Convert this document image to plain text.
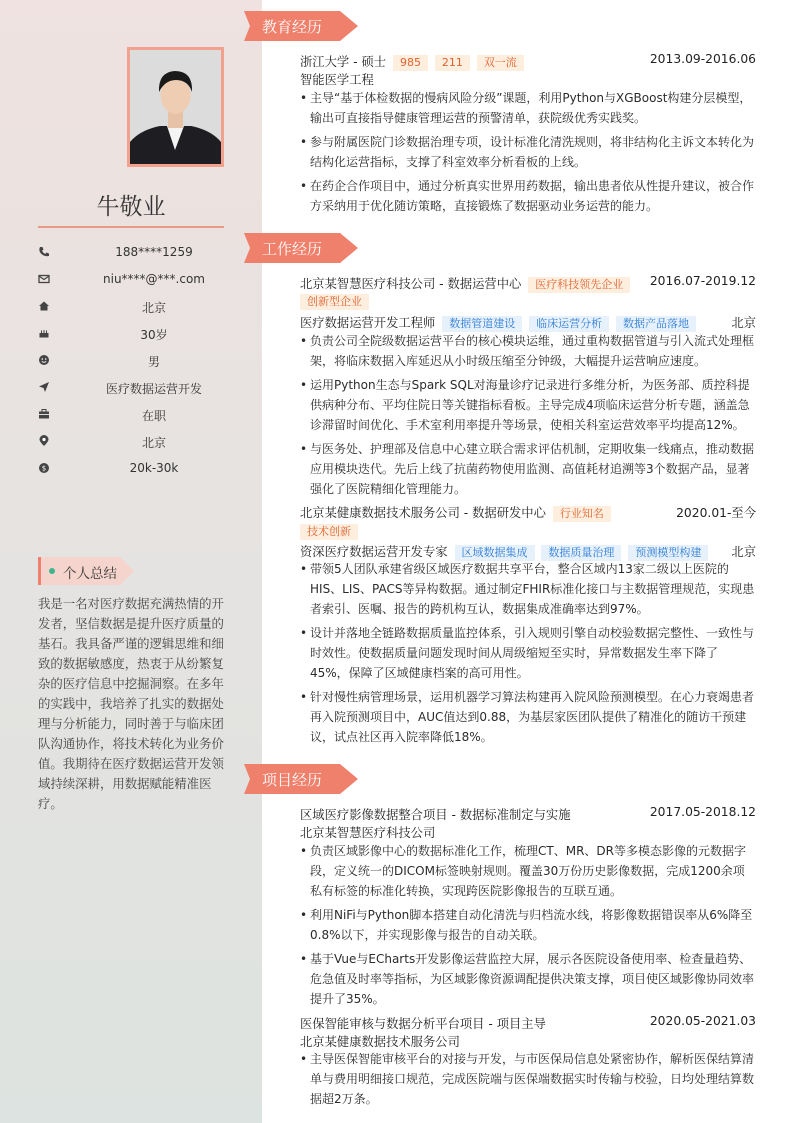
牛敬业
188****1259
niu****@***.com
北京
30岁
男
医疗数据运营开发
在职
北京
$	20k-30k
个人总结
我是一名对医疗数据充满热情的开发者，坚信数据是提升医疗质量的基石。我具备严谨的逻辑思维和细致的数据敏感度，热衷于从纷繁复杂的医疗信息中挖掘洞察。在多年的实践中，我培养了扎实的数据处理与分析能力，同时善于与临床团队沟通协作，将技术转化为业务价值。我期待在医疗数据运营开发领域持续深耕，用数据赋能精准医疗。
教育经历
工作经历
项目经历
浙江大学 - 硕士 985 211 双一流	2013.09-2016.06
智能医学工程
• 主导“基于体检数据的慢病风险分级”课题，利用Python与XGBoost构建分层模型，输出可直接指导健康管理运营的预警清单，获院级优秀实践奖。
• 参与附属医院门诊数据治理专项，设计标准化清洗规则，将非结构化主诉文本转化为结构化运营指标，支撑了科室效率分析看板的上线。
• 在药企合作项目中，通过分析真实世界用药数据，输出患者依从性提升建议，被合作方采纳用于优化随访策略，直接锻炼了数据驱动业务运营的能力。
北京某智慧医疗科技公司 - 数据运营中心 医疗科技领先企业 2016.07-2019.12
创新型企业
医疗数据运营开发工程师 数据管道建设 临床运营分析 数据产品落地	北京
• 负责公司全院级数据运营平台的核心模块运维，通过重构数据管道与引入流式处理框架，将临床数据入库延迟从小时级压缩至分钟级，大幅提升运营响应速度。
• 运用Python生态与Spark SQL对海量诊疗记录进行多维分析，为医务部、质控科提供病种分布、平均住院日等关键指标看板。主导完成4项临床运营分析专题，涵盖急诊滞留时间优化、手术室利用率提升等场景，使相关科室运营效率平均提高12%。
• 与医务处、护理部及信息中心建立联合需求评估机制，定期收集一线痛点，推动数据应用模块迭代。先后上线了抗菌药物使用监测、高值耗材追溯等3个数据产品，显著强化了医院精细化管理能力。
北京某健康数据技术服务公司 - 数据研发中心 行业知名	2020.01-至今
技术创新
资深医疗数据运营开发专家 区域数据集成 数据质量治理 预测模型构建 北京
• 带领5人团队承建省级区域医疗数据共享平台，整合区域内13家二级以上医院的HIS、LIS、PACS等异构数据。通过制定FHIR标准化接口与主数据管理规范，实现患者索引、医嘱、报告的跨机构互认，数据集成准确率达到97%。
• 设计并落地全链路数据质量监控体系，引入规则引擎自动校验数据完整性、一致性与时效性。使数据质量问题发现时间从周级缩短至实时，异常数据发生率下降了45%，保障了区域健康档案的高可用性。
• 针对慢性病管理场景，运用机器学习算法构建再入院风险预测模型。在心力衰竭患者再入院预测项目中，AUC值达到0.88，为基层家医团队提供了精准化的随访干预建议，试点社区再入院率降低18%。
区域医疗影像数据整合项目 - 数据标准制定与实施	2017.05-2018.12
北京某智慧医疗科技公司
• 负责区域影像中心的数据标准化工作，梳理CT、MR、DR等多模态影像的元数据字段，定义统一的DICOM标签映射规则。覆盖30万份历史影像数据，完成1200余项私有标签的标准化转换，实现跨医院影像报告的互联互通。
• 利用NiFi与Python脚本搭建自动化清洗与归档流水线，将影像数据错误率从6%降至0.8%以下，并实现影像与报告的自动关联。
• 基于Vue与ECharts开发影像运营监控大屏，展示各医院设备使用率、检查量趋势、危急值及时率等指标，为区域影像资源调配提供决策支撑，项目使区域影像协同效率提升了35%。
医保智能审核与数据分析平台项目 - 项目主导	2020.05-2021.03
北京某健康数据技术服务公司
• 主导医保智能审核平台的对接与开发，与市医保局信息处紧密协作，解析医保结算清单与费用明细接口规范，完成医院端与医保端数据实时传输与校验，日均处理结算数据超2万条。
